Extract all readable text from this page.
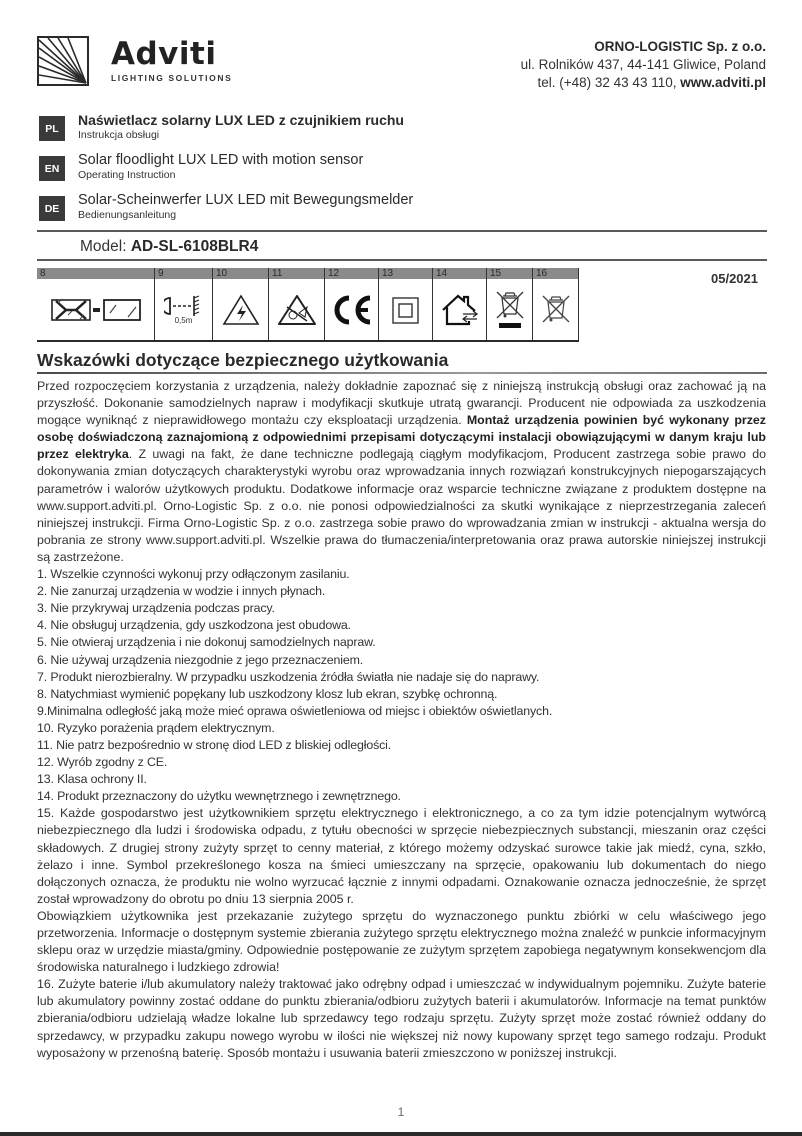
Adviti
LIGHTING SOLUTIONS
ORNO-LOGISTIC Sp. z o.o.
ul. Rolników 437, 44-141 Gliwice, Poland
tel. (+48) 32 43 43 110, www.adviti.pl
PL
Naświetlacz solarny LUX LED z czujnikiem ruchu
Instrukcja obsługi
EN
Solar floodlight LUX LED with motion sensor
Operating Instruction
DE
Solar-Scheinwerfer LUX LED mit Bewegungsmelder
Bedienungsanleitung
Model: AD-SL-6108BLR4
8	9
0,5m
10	11	12	13	14	15	16	05/2021
Wskazówki dotyczące bezpiecznego użytkowania

Przed rozpoczęciem korzystania z urządzenia, należy dokładnie zapoznać się z niniejszą instrukcją obsługi oraz zachować ją na przyszłość. Dokonanie samodzielnych napraw i modyfikacji skutkuje utratą gwarancji. Producent nie odpowiada za uszkodzenia mogące wyniknąć z nieprawidłowego montażu czy eksploatacji urządzenia. Montaż urządzenia powinien być wykonany przez osobę doświadczoną zaznajomioną z odpowiednimi przepisami dotyczącymi instalacji obowiązującymi w danym kraju lub przez elektryka. Z uwagi na fakt, że dane techniczne podlegają ciągłym modyfikacjom, Producent zastrzega sobie prawo do dokonywania zmian dotyczących charakterystyki wyrobu oraz wprowadzania innych rozwiązań konstrukcyjnych niepogarszających parametrów i walorów użytkowych produktu. Dodatkowe informacje oraz wsparcie techniczne związane z produktem dostępne na www.support.adviti.pl. Orno-Logistic Sp. z o.o. nie ponosi odpowiedzialności za skutki wynikające z nieprzestrzegania zaleceń niniejszej instrukcji. Firma Orno-Logistic Sp. z o.o. zastrzega sobie prawo do wprowadzania zmian w instrukcji - aktualna wersja do pobrania ze strony www.support.adviti.pl. Wszelkie prawa do tłumaczenia/interpretowania oraz prawa autorskie niniejszej instrukcji są zastrzeżone.

1. Wszelkie czynności wykonuj przy odłączonym zasilaniu.
2. Nie zanurzaj urządzenia w wodzie i innych płynach.
3. Nie przykrywaj urządzenia podczas pracy.
4. Nie obsługuj urządzenia, gdy uszkodzona jest obudowa.
5. Nie otwieraj urządzenia i nie dokonuj samodzielnych napraw.
6. Nie używaj urządzenia niezgodnie z jego przeznaczeniem.
7. Produkt nierozbieralny. W przypadku uszkodzenia źródła światła nie nadaje się do naprawy.
8. Natychmiast wymienić popękany lub uszkodzony klosz lub ekran, szybkę ochronną.
9.Minimalna odległość jaką może mieć oprawa oświetleniowa od miejsc i obiektów oświetlanych.
10. Ryzyko porażenia prądem elektrycznym.
11. Nie patrz bezpośrednio w stronę diod LED z bliskiej odległości.
12. Wyrób zgodny z CE.
13. Klasa ochrony II.
14. Produkt przeznaczony do użytku wewnętrznego i zewnętrznego.

15. Każde gospodarstwo jest użytkownikiem sprzętu elektrycznego i elektronicznego, a co za tym idzie potencjalnym wytwórcą niebezpiecznego dla ludzi i środowiska odpadu, z tytułu obecności w sprzęcie niebezpiecznych substancji, mieszanin oraz części składowych. Z drugiej strony zużyty sprzęt to cenny materiał, z którego możemy odzyskać surowce takie jak miedź, cyna, szkło, żelazo i inne. Symbol przekreślonego kosza na śmieci umieszczany na sprzęcie, opakowaniu lub dokumentach do niego dołączonych oznacza, że produktu nie wolno wyrzucać łącznie z innymi odpadami. Oznakowanie oznacza jednocześnie, że sprzęt został wprowadzony do obrotu po dniu 13 sierpnia 2005 r.

Obowiązkiem użytkownika jest przekazanie zużytego sprzętu do wyznaczonego punktu zbiórki w celu właściwego jego przetworzenia. Informacje o dostępnym systemie zbierania zużytego sprzętu elektrycznego można znaleźć w punkcie informacyjnym sklepu oraz w urzędzie miasta/gminy. Odpowiednie postępowanie ze zużytym sprzętem zapobiega negatywnym konsekwencjom dla środowiska naturalnego i ludzkiego zdrowia!

16. Zużyte baterie i/lub akumulatory należy traktować jako odrębny odpad i umieszczać w indywidualnym pojemniku. Zużyte baterie lub akumulatory powinny zostać oddane do punktu zbierania/odbioru zużytych baterii i akumulatorów. Informacje na temat punktów zbierania/odbioru udzielają władze lokalne lub sprzedawcy tego rodzaju sprzętu. Zużyty sprzęt może zostać również oddany do sprzedawcy, w przypadku zakupu nowego wyrobu w ilości nie większej niż nowy kupowany sprzęt tego samego rodzaju. Produkt wyposażony w przenośną baterię. Sposób montażu i usuwania baterii zmieszczono w poniższej instrukcji.

1
